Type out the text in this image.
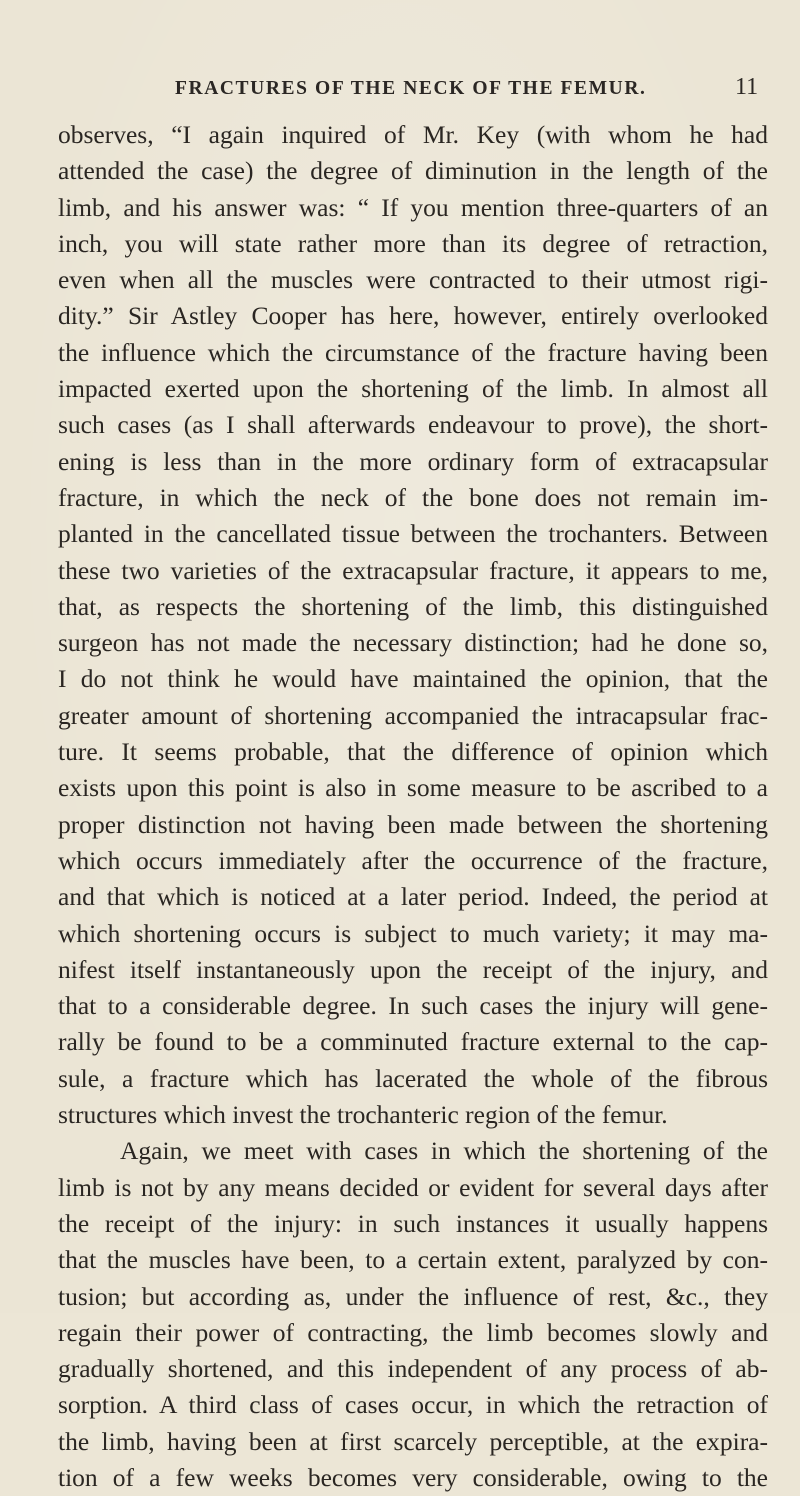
FRACTURES OF THE NECK OF THE FEMUR.	11
observes, “I again inquired of Mr. Key (with whom he had
attended the case) the degree of diminution in the length of the
limb, and his answer was: “ If you mention three-quarters of an
inch, you will state rather more than its degree of retraction,
even when all the muscles were contracted to their utmost rigi-
dity.” Sir Astley Cooper has here, however, entirely overlooked
the influence which the circumstance of the fracture having been
impacted exerted upon the shortening of the limb. In almost all
such cases (as I shall afterwards endeavour to prove), the short-
ening is less than in the more ordinary form of extracapsular
fracture, in which the neck of the bone does not remain im-
planted in the cancellated tissue between the trochanters. Between
these two varieties of the extracapsular fracture, it appears to me,
that, as respects the shortening of the limb, this distinguished
surgeon has not made the necessary distinction; had he done so,
I do not think he would have maintained the opinion, that the
greater amount of shortening accompanied the intracapsular frac-
ture. It seems probable, that the difference of opinion which
exists upon this point is also in some measure to be ascribed to a
proper distinction not having been made between the shortening
which occurs immediately after the occurrence of the fracture,
and that which is noticed at a later period. Indeed, the period at
which shortening occurs is subject to much variety; it may ma-
nifest itself instantaneously upon the receipt of the injury, and
that to a considerable degree. In such cases the injury will gene-
rally be found to be a comminuted fracture external to the cap-
sule, a fracture which has lacerated the whole of the fibrous
structures which invest the trochanteric region of the femur.
Again, we meet with cases in which the shortening of the
limb is not by any means decided or evident for several days after
the receipt of the injury: in such instances it usually happens
that the muscles have been, to a certain extent, paralyzed by con-
tusion; but according as, under the influence of rest, &c., they
regain their power of contracting, the limb becomes slowly and
gradually shortened, and this independent of any process of ab-
sorption. A third class of cases occur, in which the retraction of
the limb, having been at first scarcely perceptible, at the expira-
tion of a few weeks becomes very considerable, owing to the
